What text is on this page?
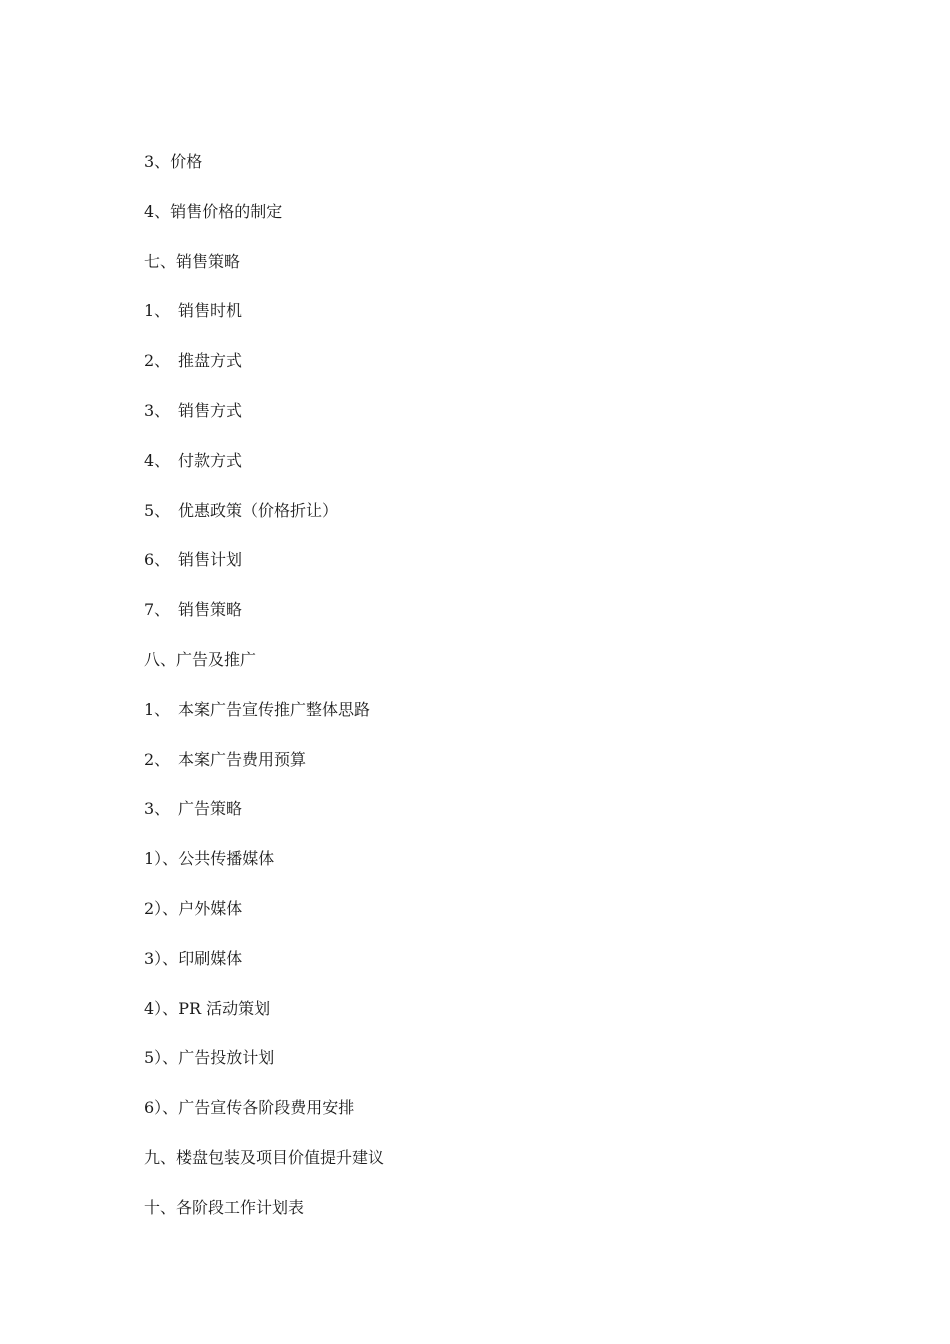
3、价格
4、销售价格的制定
七、销售策略
1、 销售时机
2、 推盘方式
3、 销售方式
4、 付款方式
5、 优惠政策（价格折让）
6、 销售计划
7、 销售策略
八、广告及推广
1、 本案广告宣传推广整体思路
2、 本案广告费用预算
3、 广告策略
1）、公共传播媒体
2）、户外媒体
3）、印刷媒体
4）、PR 活动策划
5）、广告投放计划
6）、广告宣传各阶段费用安排
九、楼盘包装及项目价值提升建议
十、各阶段工作计划表
